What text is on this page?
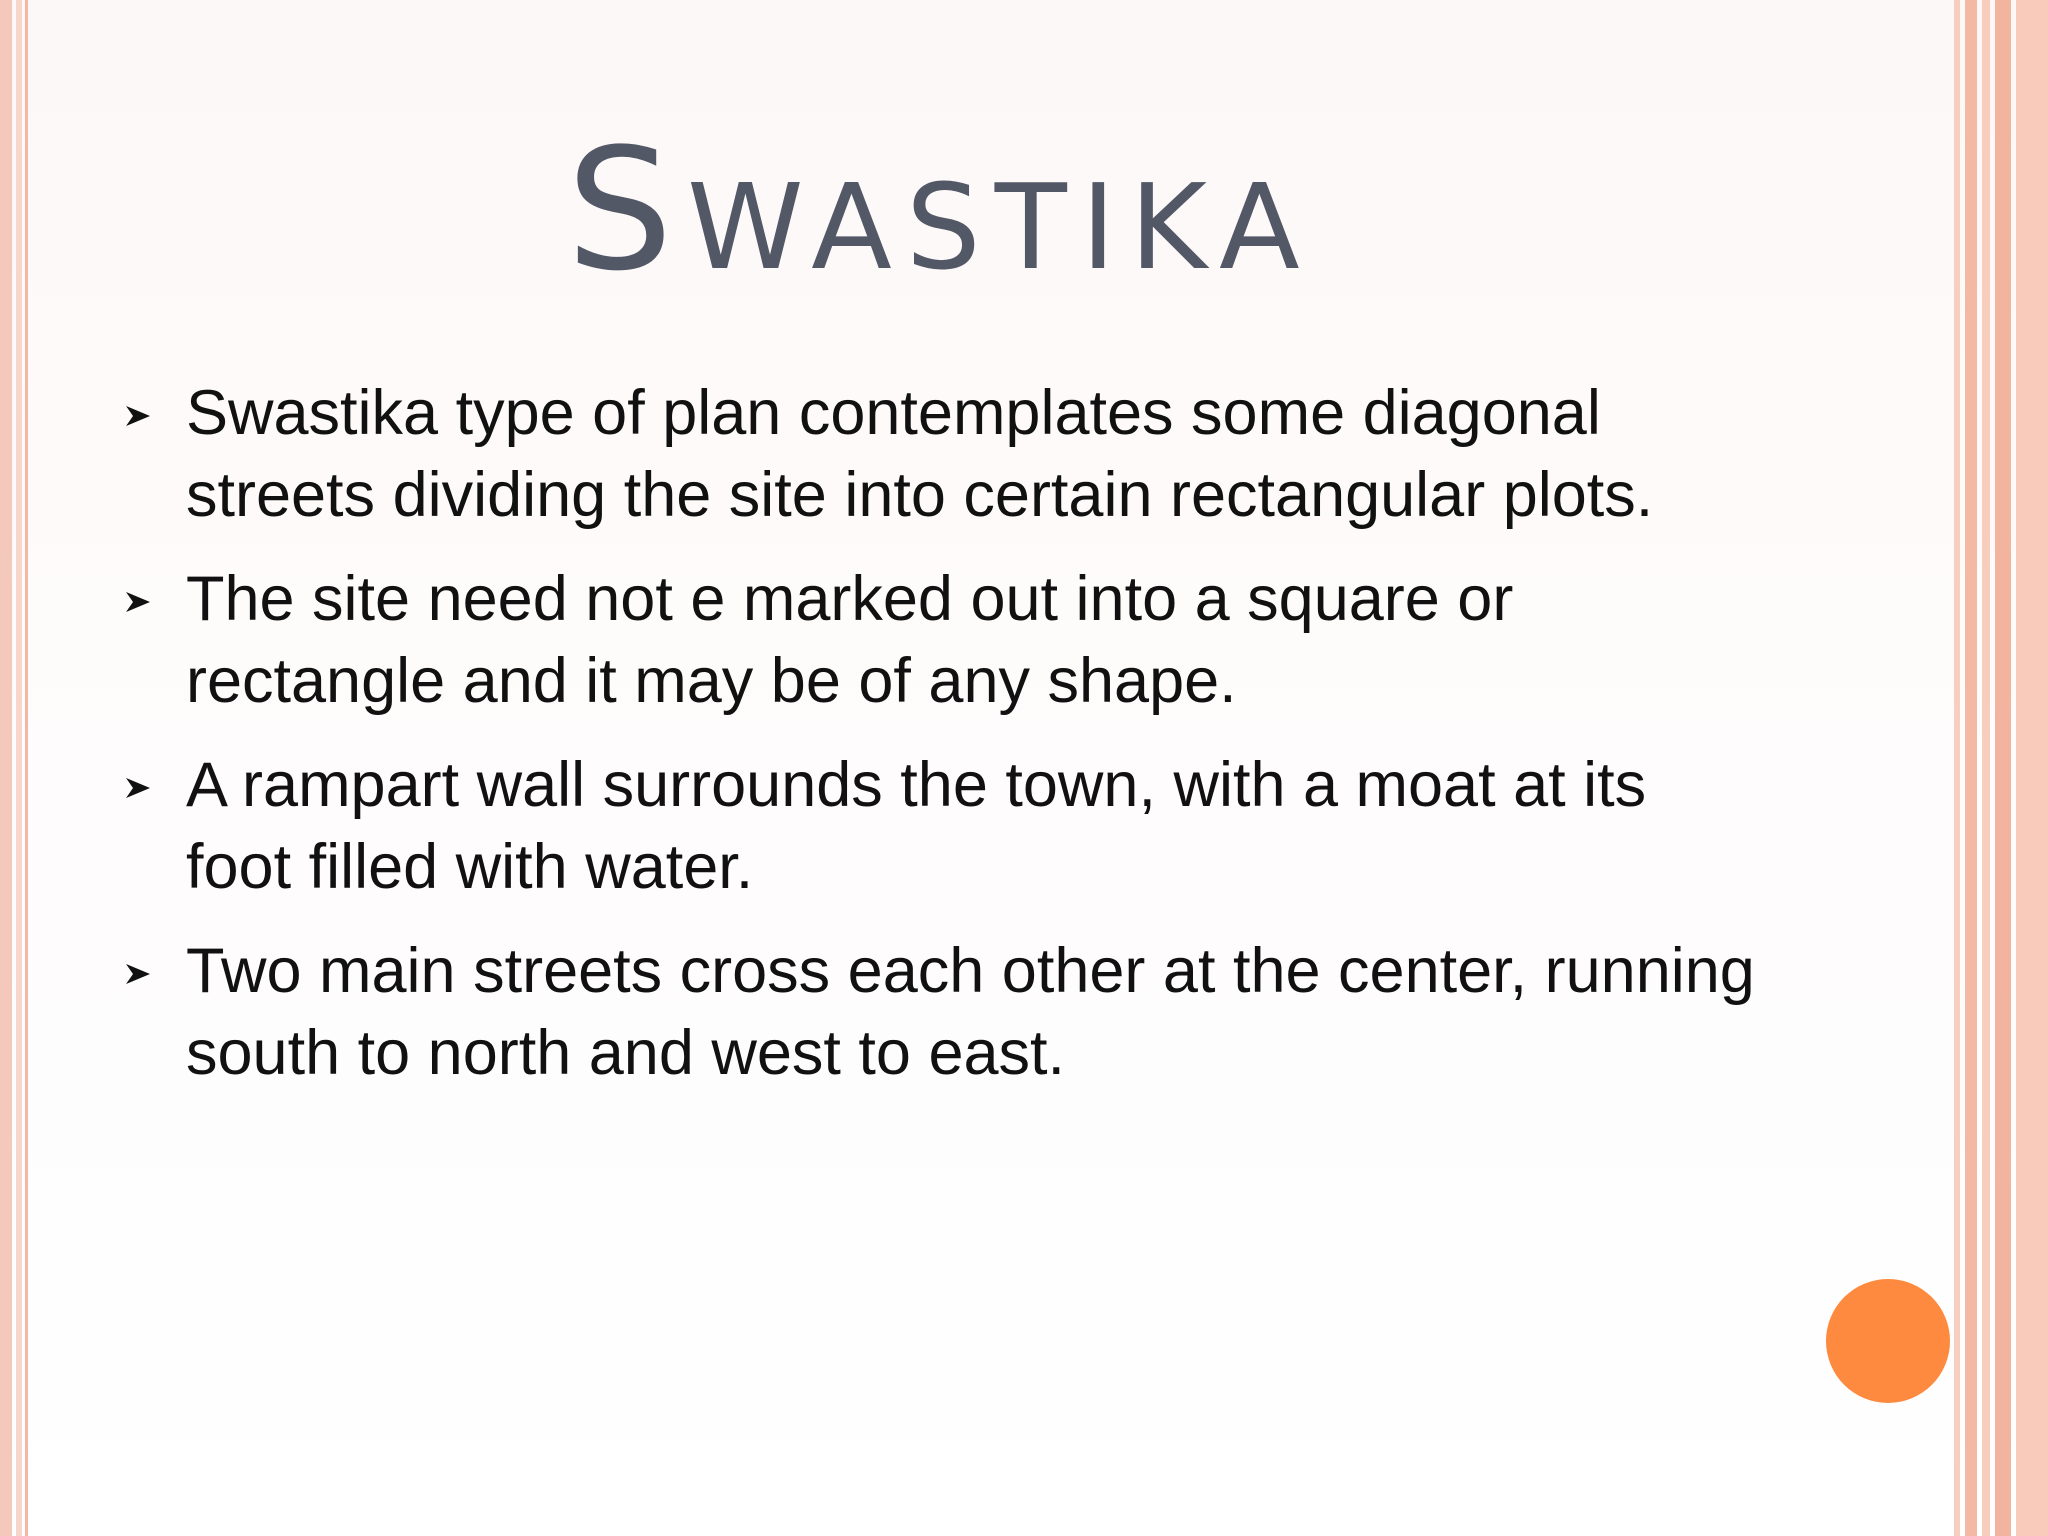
Swastika
Swastika type of plan contemplates some diagonal streets dividing the site into certain rectangular plots.
The site need not e marked out into a square or rectangle and it may be of any shape.
A rampart wall surrounds the town, with a moat at its foot filled with water.
Two main streets cross each other at the center, running south to north and west to east.
